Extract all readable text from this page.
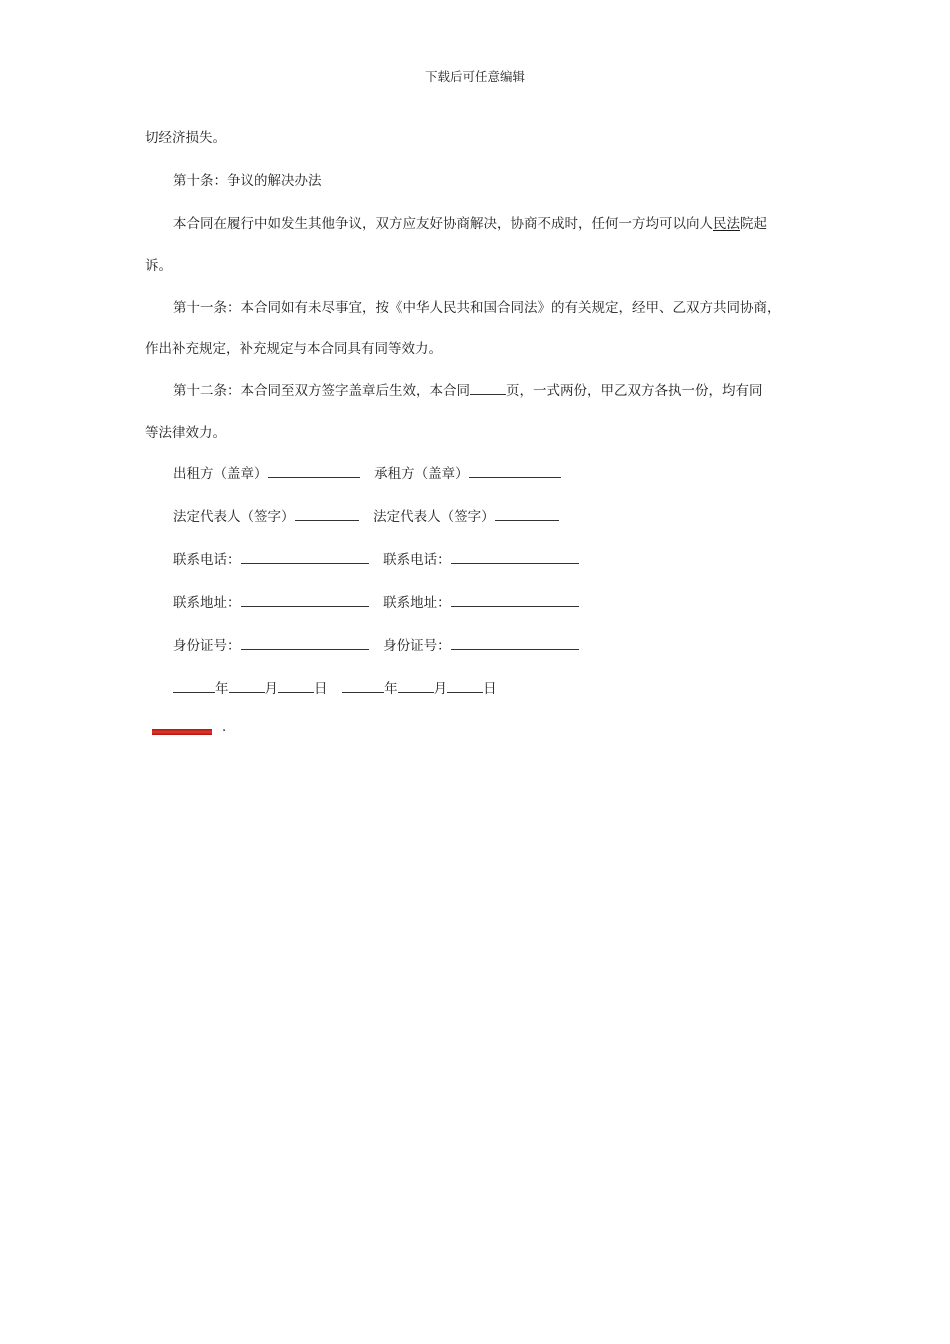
下载后可任意编辑
切经济损失。
第十条：争议的解决办法
本合同在履行中如发生其他争议，双方应友好协商解决，协商不成时，任何一方均可以向人民法院起
诉。
第十一条：本合同如有未尽事宜，按《中华人民共和国合同法》的有关规定，经甲、乙双方共同协商，
作出补充规定，补充规定与本合同具有同等效力。
第十二条：本合同至双方签字盖章后生效，本合同	页，一式两份，甲乙双方各执一份，均有同
等法律效力。
出租方（盖章）	承租方（盖章）
法定代表人（签字）	法定代表人（签字）
联系电话：	联系电话：
联系地址：	联系地址：
身份证号：	身份证号：
年	月	日	年	月	日
.
